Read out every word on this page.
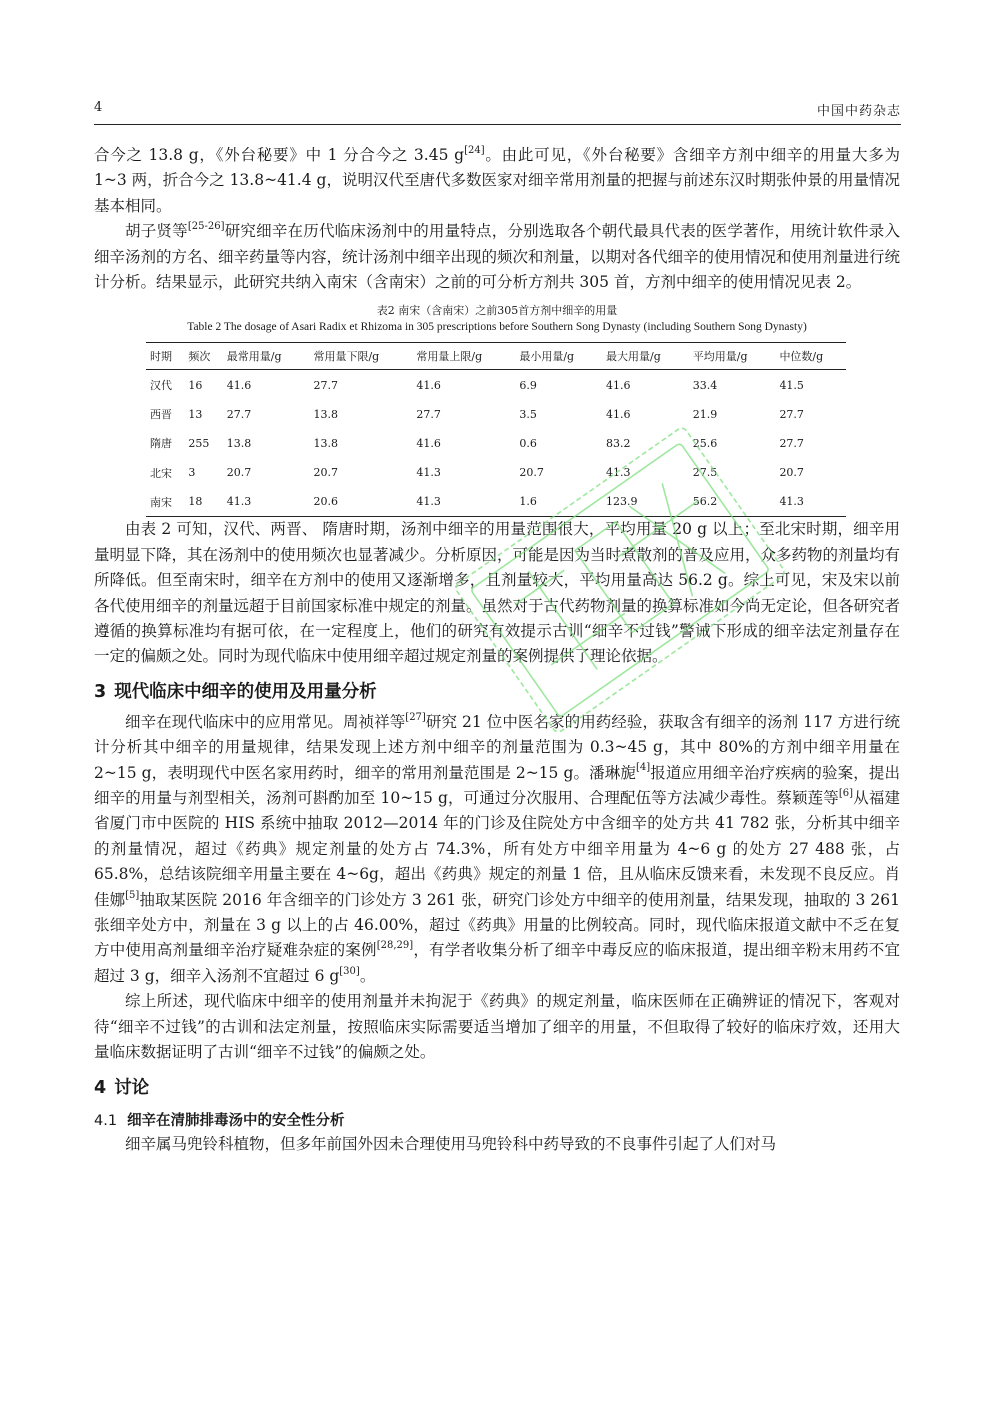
4	中国中药杂志

合今之 13.8 g，《外台秘要》中 1 分合今之 3.45 g[24]。由此可见，《外台秘要》含细辛方剂中细辛的用量大多为 1~3 两，折合今之 13.8~41.4 g，说明汉代至唐代多数医家对细辛常用剂量的把握与前述东汉时期张仲景的用量情况基本相同。

胡子贤等[25-26]研究细辛在历代临床汤剂中的用量特点，分别选取各个朝代最具代表的医学著作，用统计软件录入细辛汤剂的方名、细辛药量等内容，统计汤剂中细辛出现的频次和剂量，以期对各代细辛的使用情况和使用剂量进行统计分析。结果显示，此研究共纳入南宋（含南宋）之前的可分析方剂共 305 首，方剂中细辛的使用情况见表 2。

表2 南宋（含南宋）之前305首方剂中细辛的用量
Table 2 The dosage of Asari Radix et Rhizoma in 305 prescriptions before Southern Song Dynasty (including Southern Song Dynasty)
时期	频次	最常用量/g	常用量下限/g	常用量上限/g	最小用量/g	最大用量/g	平均用量/g	中位数/g
汉代	16	41.6	27.7	41.6	6.9	41.6	33.4	41.5
西晋	13	27.7	13.8	27.7	3.5	41.6	21.9	27.7
隋唐	255	13.8	13.8	41.6	0.6	83.2	25.6	27.7
北宋	3	20.7	20.7	41.3	20.7	41.3	27.5	20.7
南宋	18	41.3	20.6	41.3	1.6	123.9	56.2	41.3

由表 2 可知，汉代、两晋、 隋唐时期，汤剂中细辛的用量范围很大，平均用量 20 g 以上；至北宋时期，细辛用量明显下降，其在汤剂中的使用频次也显著减少。分析原因，可能是因为当时煮散剂的普及应用，众多药物的剂量均有所降低。但至南宋时，细辛在方剂中的使用又逐渐增多，且剂量较大，平均用量高达 56.2 g。综上可见，宋及宋以前各代使用细辛的剂量远超于目前国家标准中规定的剂量。虽然对于古代药物剂量的换算标准如今尚无定论，但各研究者遵循的换算标准均有据可依，在一定程度上，他们的研究有效提示古训“细辛不过钱”警诫下形成的细辛法定剂量存在一定的偏颇之处。同时为现代临床中使用细辛超过规定剂量的案例提供了理论依据。

3 现代临床中细辛的使用及用量分析

细辛在现代临床中的应用常见。周祯祥等[27]研究 21 位中医名家的用药经验，获取含有细辛的汤剂 117 方进行统计分析其中细辛的用量规律，结果发现上述方剂中细辛的剂量范围为 0.3~45 g，其中 80%的方剂中细辛用量在 2~15 g，表明现代中医名家用药时，细辛的常用剂量范围是 2~15 g。潘琳旎[4]报道应用细辛治疗疾病的验案，提出细辛的用量与剂型相关，汤剂可斟酌加至 10~15 g，可通过分次服用、合理配伍等方法减少毒性。蔡颖莲等[6]从福建省厦门市中医院的 HIS 系统中抽取 2012—2014 年的门诊及住院处方中含细辛的处方共 41 782 张，分析其中细辛的剂量情况，超过《药典》规定剂量的处方占 74.3%，所有处方中细辛用量为 4~6 g 的处方 27 488 张，占 65.8%，总结该院细辛用量主要在 4~6g，超出《药典》规定的剂量 1 倍，且从临床反馈来看，未发现不良反应。肖佳娜[5]抽取某医院 2016 年含细辛的门诊处方 3 261 张，研究门诊处方中细辛的使用剂量，结果发现，抽取的 3 261 张细辛处方中，剂量在 3 g 以上的占 46.00%，超过《药典》用量的比例较高。同时，现代临床报道文献中不乏在复方中使用高剂量细辛治疗疑难杂症的案例[28,29]，有学者收集分析了细辛中毒反应的临床报道，提出细辛粉末用药不宜超过 3 g，细辛入汤剂不宜超过 6 g[30]。

综上所述，现代临床中细辛的使用剂量并未拘泥于《药典》的规定剂量，临床医师在正确辨证的情况下，客观对待“细辛不过钱”的古训和法定剂量，按照临床实际需要适当增加了细辛的用量，不但取得了较好的临床疗效，还用大量临床数据证明了古训“细辛不过钱”的偏颇之处。

4 讨论
4.1 细辛在清肺排毒汤中的安全性分析

细辛属马兜铃科植物，但多年前国外因未合理使用马兜铃科中药导致的不良事件引起了人们对马
